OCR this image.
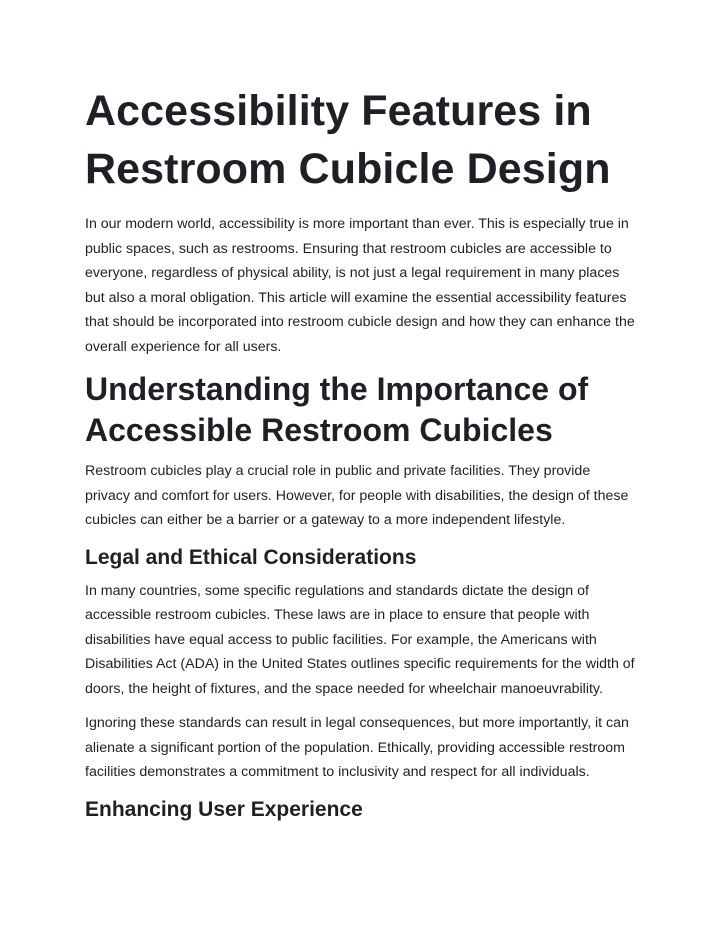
Accessibility Features in Restroom Cubicle Design

In our modern world, accessibility is more important than ever. This is especially true in public spaces, such as restrooms. Ensuring that restroom cubicles are accessible to everyone, regardless of physical ability, is not just a legal requirement in many places but also a moral obligation. This article will examine the essential accessibility features that should be incorporated into restroom cubicle design and how they can enhance the overall experience for all users.

Understanding the Importance of Accessible Restroom Cubicles

Restroom cubicles play a crucial role in public and private facilities. They provide privacy and comfort for users. However, for people with disabilities, the design of these cubicles can either be a barrier or a gateway to a more independent lifestyle.

Legal and Ethical Considerations

In many countries, some specific regulations and standards dictate the design of accessible restroom cubicles. These laws are in place to ensure that people with disabilities have equal access to public facilities. For example, the Americans with Disabilities Act (ADA) in the United States outlines specific requirements for the width of doors, the height of fixtures, and the space needed for wheelchair manoeuvrability.

Ignoring these standards can result in legal consequences, but more importantly, it can alienate a significant portion of the population. Ethically, providing accessible restroom facilities demonstrates a commitment to inclusivity and respect for all individuals.

Enhancing User Experience
